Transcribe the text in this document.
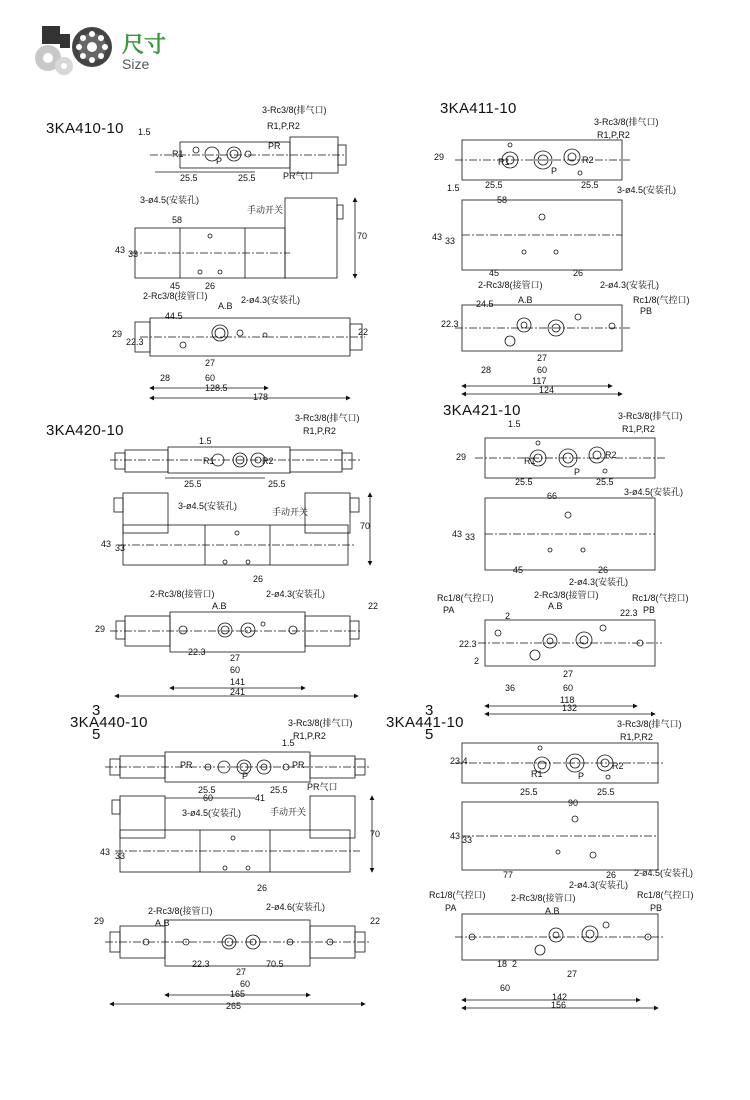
尺寸
Size
3KA410-10
3KA411-10
3KA420-10
3KA421-10
3
3KA440-10
5
3
3KA441-10
5
3-Rc3/8(排气口)
R1,P,R2
PR
PR气口
R1
P
1.5
25.5	25.5
3-ø4.5(安装孔)
手动开关
58
43 33
45	26
70
2-Rc3/8(接管口)
A.B
2-ø4.3(安装孔)
44.5
29
22.3
27
28	60
128.5
178
22
3-Rc3/8(排气口)
R1,P,R2
29
1.5	25.5	25.5
R1
P
R2
3-ø4.5(安装孔)
58
43 33
45	26
2-Rc3/8(接管口)
A.B
2-ø4.3(安装孔)
Rc1/8(气控口)
PB
24.5
22.3
27
28	60
117
124
3-Rc3/8(排气口)
R1,P,R2
1.5
R1	R2
25.5	25.5
3-ø4.5(安装孔)
手动开关
70
43 33
26
2-Rc3/8(接管口)
A.B
2-ø4.3(安装孔)
29
22
22.3
27
60
141
241
3-Rc3/8(排气口)
R1,P,R2
1.5
29	R1
P
R2
25.5	25.5
3-ø4.5(安装孔)
66
43 33
45	26
2-ø4.3(安装孔)
2-Rc3/8(接管口)
A.B
Rc1/8(气控口)
PA
Rc1/8(气控口)
PB
2
22.3
22.3
2
36	60
27
118
132
3-Rc3/8(排气口)
R1,P,R2
PR	PR
P
1.5
PR气口
25.5	25.5
60	41
3-ø4.5(安装孔)	手动开关
70
43 33
26
2-ø4.6(安装孔)
2-Rc3/8(接管口)
A.B
29	22
22.3
27
70.5
60
165
265
3-Rc3/8(排气口)
R1,P,R2
23.4
R1	P
R2
25.5	25.5
90
43 33
77	26 2-ø4.5(安装孔)
2-ø4.3(安装孔)
2-Rc3/8(接管口)
A.B
Rc1/8(气控口)
PA
Rc1/8(气控口)
PB
18 2
27
60
142
156
